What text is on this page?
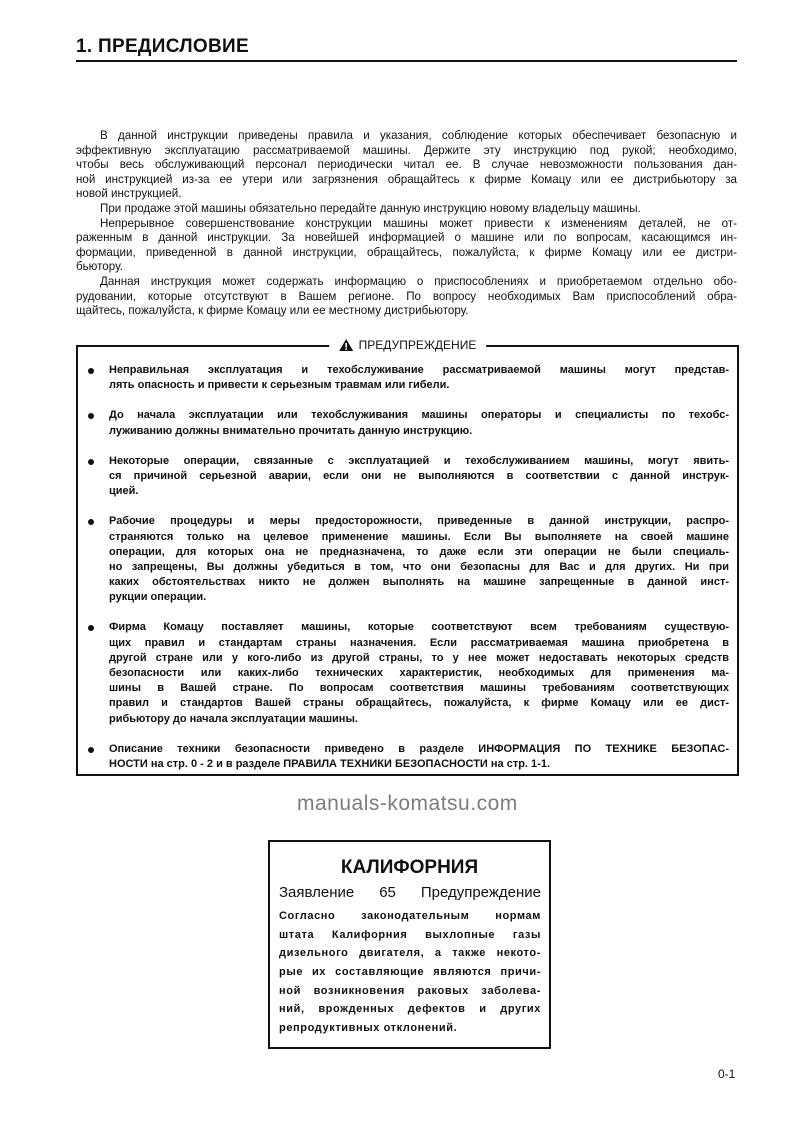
1. ПРЕДИСЛОВИЕ
В данной инструкции приведены правила и указания, соблюдение которых обеспечивает безопасную и
эффективную эксплуатацию рассматриваемой машины. Держите эту инструкцию под рукой; необходимо,
чтобы весь обслуживающий персонал периодически читал ее. В случае невозможности пользования дан-
ной инструкцией из-за ее утери или загрязнения обращайтесь к фирме Комацу или ее дистрибьютору за
новой инструкцией.
При продаже этой машины обязательно передайте данную инструкцию новому владельцу машины.
Непрерывное совершенствование конструкции машины может привести к изменениям деталей, не от-
раженным в данной инструкции. За новейшей информацией о машине или по вопросам, касающимся ин-
формации, приведенной в данной инструкции, обращайтесь, пожалуйста, к фирме Комацу или ее дистри-
бьютору.
Данная инструкция может содержать информацию о приспособлениях и приобретаемом отдельно обо-
рудовании, которые отсутствуют в Вашем регионе. По вопросу необходимых Вам приспособлений обра-
щайтесь, пожалуйста, к фирме Комацу или ее местному дистрибьютору.
ПРЕДУПРЕЖДЕНИЕ
Неправильная эксплуатация и техобслуживание рассматриваемой машины могут представ-
лять опасность и привести к серьезным травмам или гибели.
До начала эксплуатации или техобслуживания машины операторы и специалисты по техобс-
луживанию должны внимательно прочитать данную инструкцию.
Некоторые операции, связанные с эксплуатацией и техобслуживанием машины, могут явить-
ся причиной серьезной аварии, если они не выполняются в соответствии с данной инструк-
цией.
Рабочие процедуры и меры предосторожности, приведенные в данной инструкции, распро-
страняются только на целевое применение машины. Если Вы выполняете на своей машине
операции, для которых она не предназначена, то даже если эти операции не были специаль-
но запрещены, Вы должны убедиться в том, что они безопасны для Вас и для других. Ни при
каких обстоятельствах никто не должен выполнять на машине запрещенные в данной инст-
рукции операции.
Фирма Комацу поставляет машины, которые соответствуют всем требованиям существую-
щих правил и стандартам страны назначения. Если рассматриваемая машина приобретена в
другой стране или у кого-либо из другой страны, то у нее может недоставать некоторых средств
безопасности или каких-либо технических характеристик, необходимых для применения ма-
шины в Вашей стране. По вопросам соответствия машины требованиям соответствующих
правил и стандартов Вашей страны обращайтесь, пожалуйста, к фирме Комацу или ее дист-
рибьютору до начала эксплуатации машины.
Описание техники безопасности приведено в разделе ИНФОРМАЦИЯ ПО ТЕХНИКЕ БЕЗОПАС-
НОСТИ на стр. 0 - 2 и в разделе ПРАВИЛА ТЕХНИКИ БЕЗОПАСНОСТИ на стр. 1-1.
manuals-komatsu.com
КАЛИФОРНИЯ
Заявление 65 Предупреждение
Согласно законодательным нормам
штата Калифорния выхлопные газы
дизельного двигателя, а также некото-
рые их составляющие являются причи-
ной возникновения раковых заболева-
ний, врожденных дефектов и других
репродуктивных отклонений.
0-1
